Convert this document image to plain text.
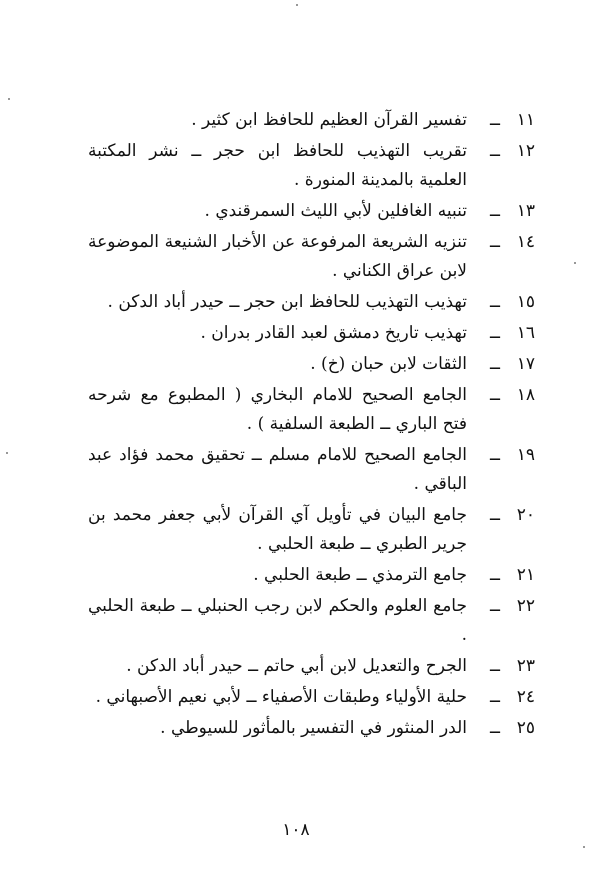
١١
ــ
تفسير القرآن العظيم للحافظ ابن كثير .
١٢
ــ
تقريب التهذيب للحافظ ابن حجر ــ نشر المكتبة العلمية بالمدينة المنورة .
١٣
ــ
تنبيه الغافلين لأبي الليث السمرقندي .
١٤
ــ
تنزيه الشريعة المرفوعة عن الأخبار الشنيعة الموضوعة لابن عراق الكناني .
١٥
ــ
تهذيب التهذيب للحافظ ابن حجر ــ حيدر أباد الدكن .
١٦
ــ
تهذيب تاريخ دمشق لعبد القادر بدران .
١٧
ــ
الثقات لابن حبان (خ) .
١٨
ــ
الجامع الصحيح للامام البخاري ( المطبوع مع شرحه فتح الباري ــ الطبعة السلفية ) .
١٩
ــ
الجامع الصحيح للامام مسلم ــ تحقيق محمد فؤاد عبد الباقي .
٢٠
ــ
جامع البيان في تأويل آي القرآن لأبي جعفر محمد بن جرير الطبري ــ طبعة الحلبي .
٢١
ــ
جامع الترمذي ــ طبعة الحلبي .
٢٢
ــ
جامع العلوم والحكم لابن رجب الحنبلي ــ طبعة الحلبي .
٢٣
ــ
الجرح والتعديل لابن أبي حاتم ــ حيدر أباد الدكن .
٢٤
ــ
حلية الأولياء وطبقات الأصفياء ــ لأبي نعيم الأصبهاني .
٢٥
ــ
الدر المنثور في التفسير بالمأثور للسيوطي .
١٠٨
